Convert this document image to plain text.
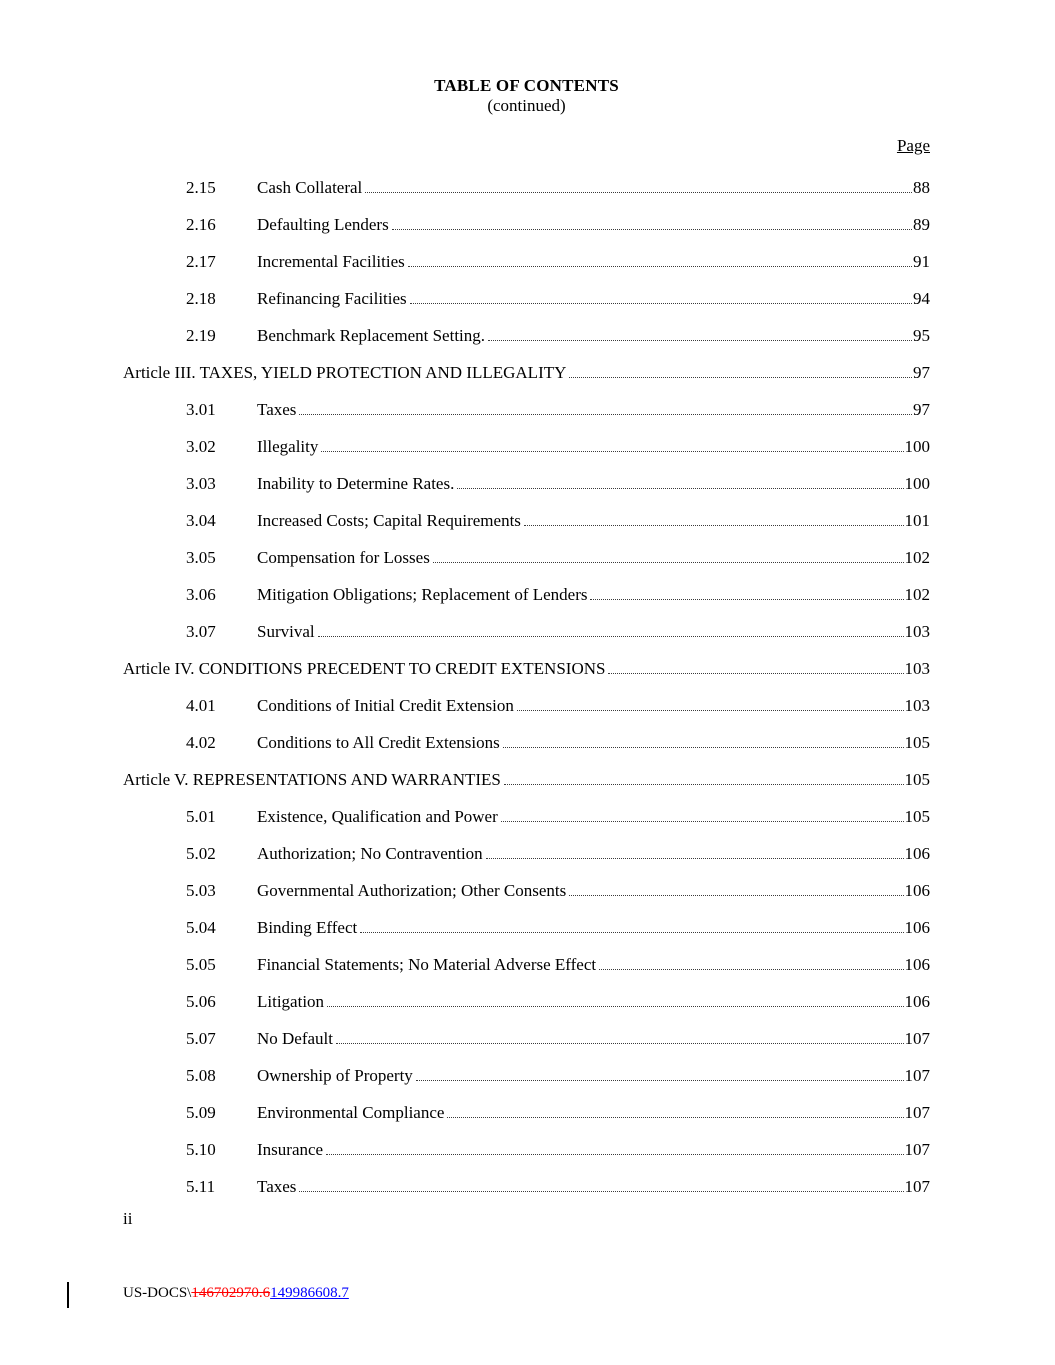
TABLE OF CONTENTS
(continued)
Page
2.15	Cash Collateral	88
2.16	Defaulting Lenders	89
2.17	Incremental Facilities	91
2.18	Refinancing Facilities	94
2.19	Benchmark Replacement Setting.	95
Article III. TAXES, YIELD PROTECTION AND ILLEGALITY	97
3.01	Taxes	97
3.02	Illegality	100
3.03	Inability to Determine Rates.	100
3.04	Increased Costs; Capital Requirements	101
3.05	Compensation for Losses	102
3.06	Mitigation Obligations; Replacement of Lenders	102
3.07	Survival	103
Article IV. CONDITIONS PRECEDENT TO CREDIT EXTENSIONS	103
4.01	Conditions of Initial Credit Extension	103
4.02	Conditions to All Credit Extensions	105
Article V. REPRESENTATIONS AND WARRANTIES	105
5.01	Existence, Qualification and Power	105
5.02	Authorization; No Contravention	106
5.03	Governmental Authorization; Other Consents	106
5.04	Binding Effect	106
5.05	Financial Statements; No Material Adverse Effect	106
5.06	Litigation	106
5.07	No Default	107
5.08	Ownership of Property	107
5.09	Environmental Compliance	107
5.10	Insurance	107
5.11	Taxes	107
ii
US-DOCS\146702970.6149986608.7
